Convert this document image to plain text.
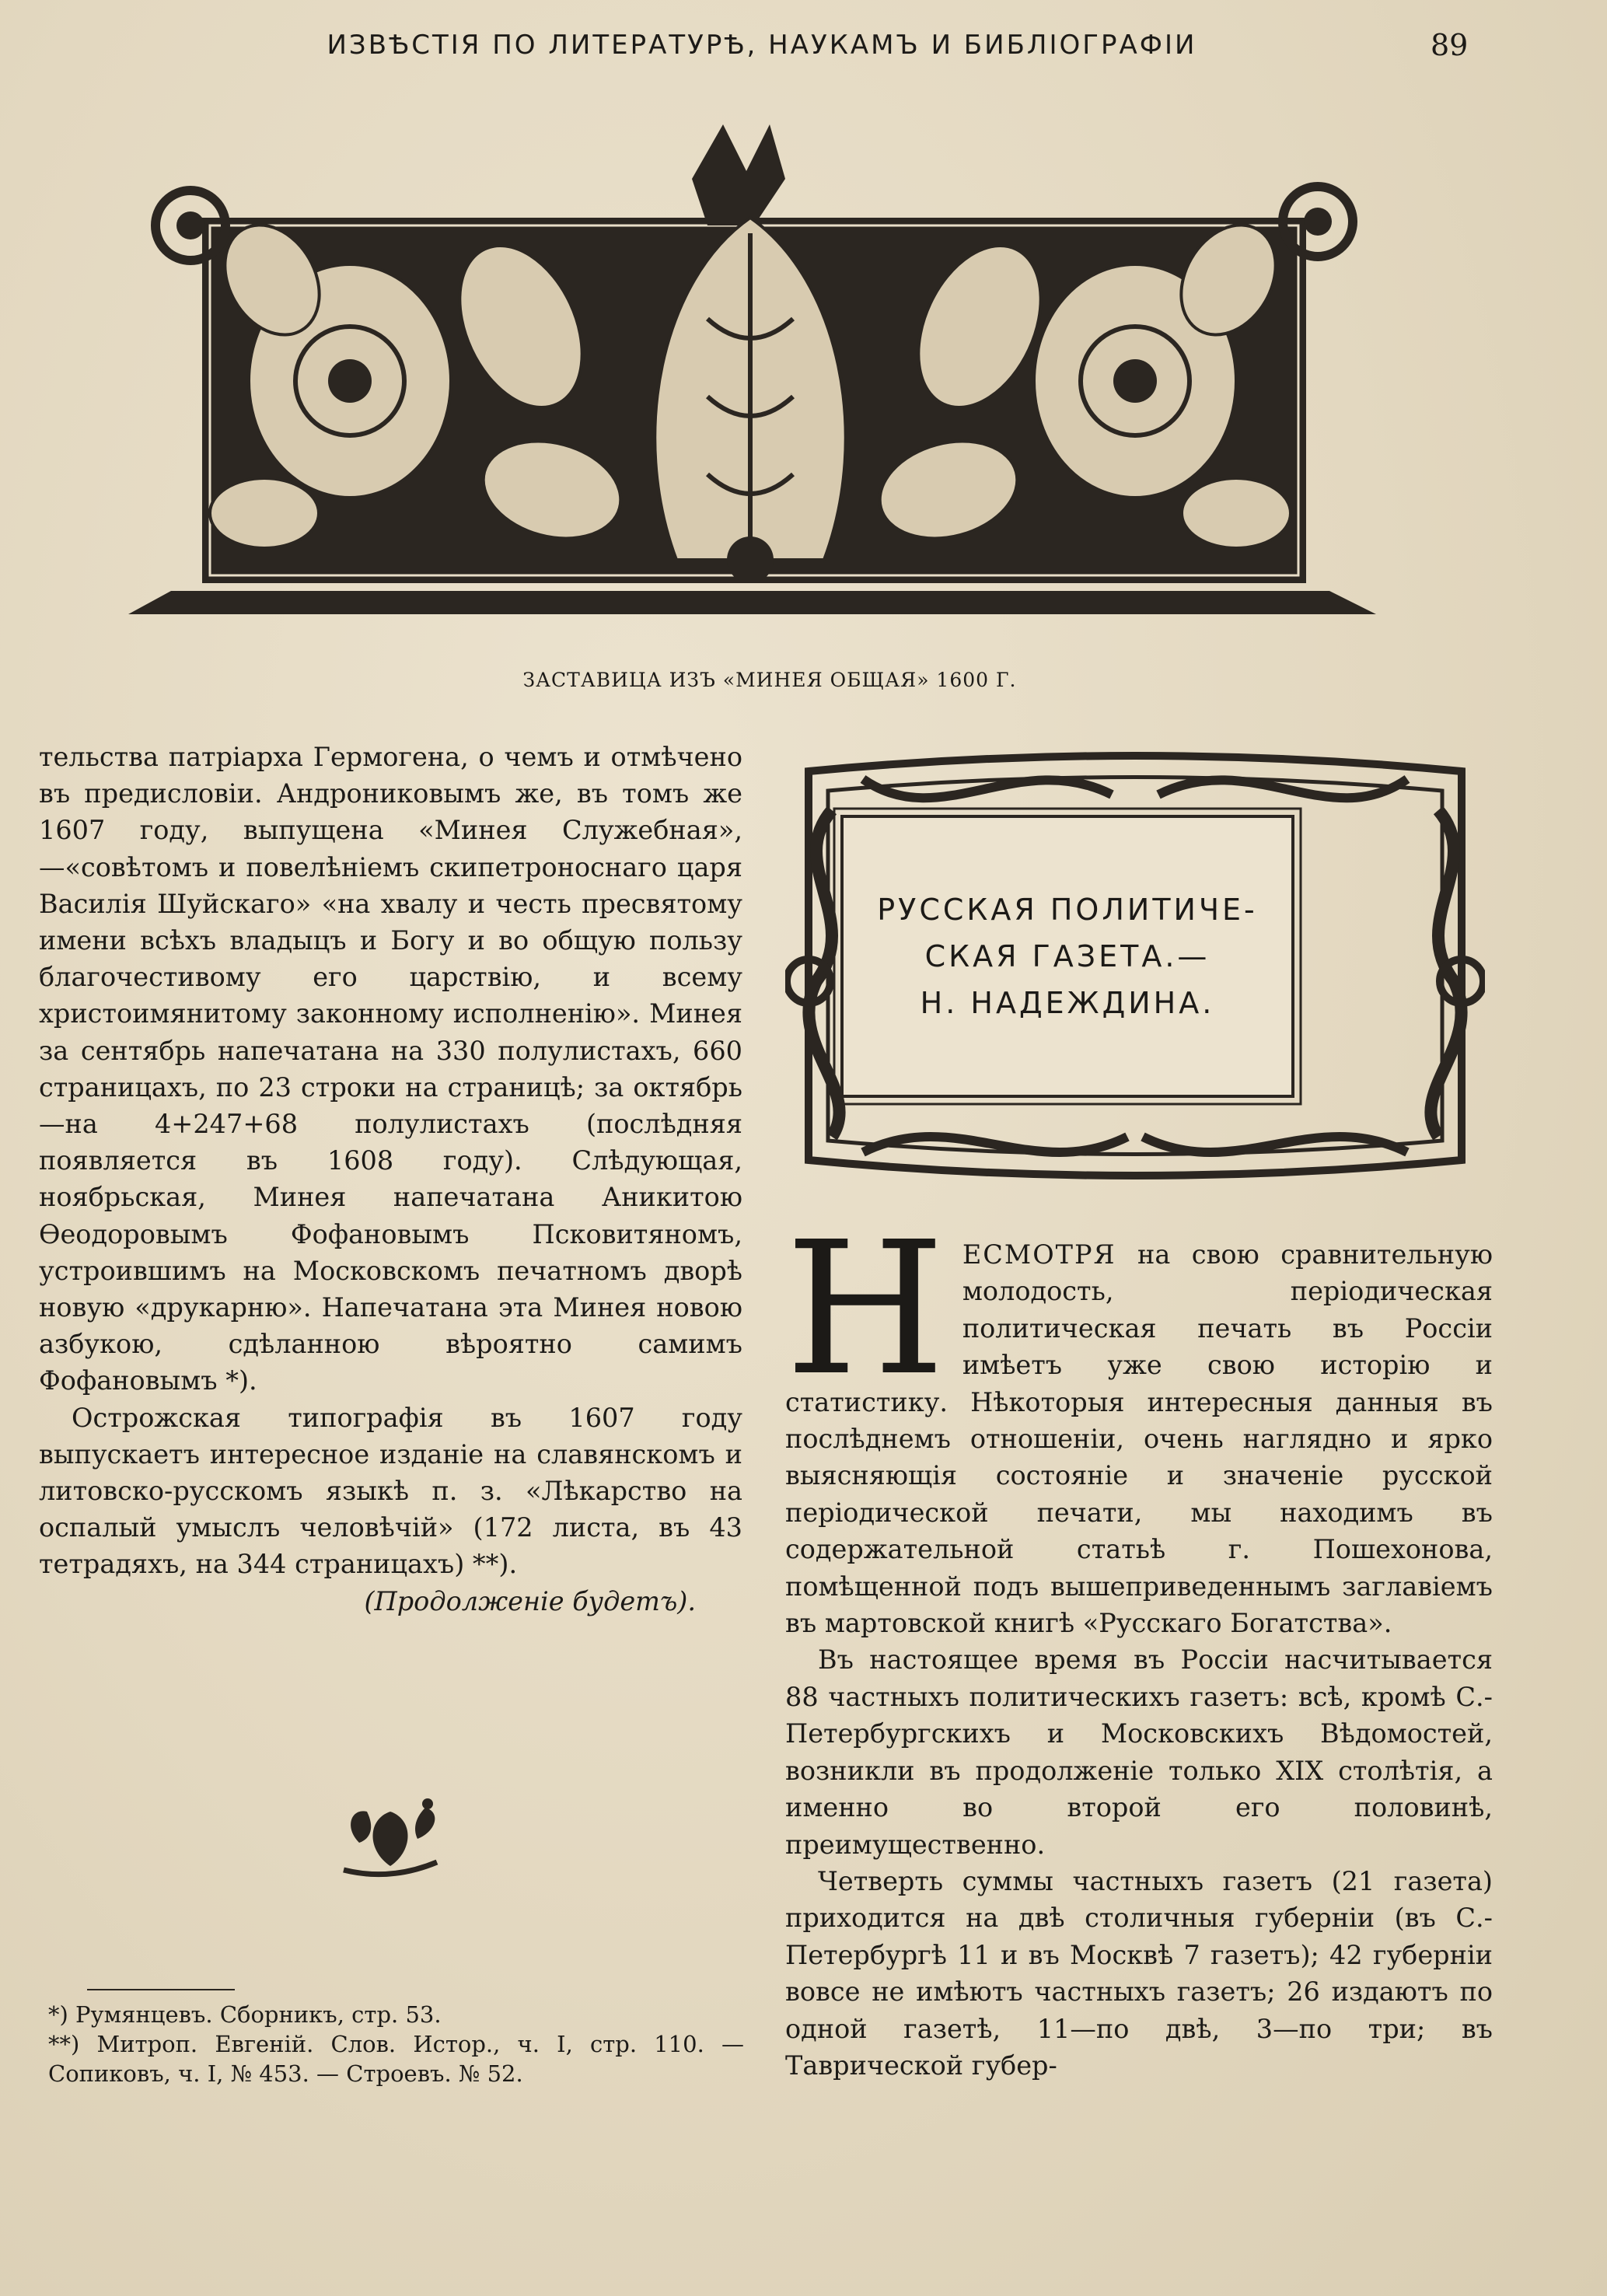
ИЗВѢСТІЯ ПО ЛИТЕРАТУРѢ, НАУКАМЪ И БИБЛІОГРАФІИ	89
ЗАСТАВИЦА ИЗЪ «МИНЕЯ ОБЩАЯ» 1600 Г.

тельства патріарха Гермогена, о чемъ и отмѣчено въ предисловіи. Андрониковымъ же, въ томъ же 1607 году, выпущена «Минея Служебная»,—«совѣтомъ и повелѣніемъ скипетроноснаго царя Василія Шуйскаго» «на хвалу и честь пресвятому имени всѣхъ владыцъ и Богу и во общую пользу благочестивому его царствію, и всему христоимянитому законному исполненію». Минея за сентябрь напечатана на 330 полулистахъ, 660 страницахъ, по 23 строки на страницѣ; за октябрь—на 4+247+68 полулистахъ (послѣдняя появляется въ 1608 году). Слѣдующая, ноябрьская, Минея напечатана Аникитою Ѳеодоровымъ Фофановымъ Псковитяномъ, устроившимъ на Московскомъ печатномъ дворѣ новую «друкарню». Напечатана эта Минея новою азбукою, сдѣланною вѣроятно самимъ Фофановымъ *).

Острожская типографія въ 1607 году выпускаетъ интересное изданіе на славянскомъ и литовско-русскомъ языкѣ п. з. «Лѣкарство на оспалый умыслъ человѣчій» (172 листа, въ 43 тетрадяхъ, на 344 страницахъ) **).

(Продолженіе будетъ).

*) Румянцевъ. Сборникъ, стр. 53.

**) Митроп. Евгеній. Слов. Истор., ч. I, стр. 110. — Сопиковъ, ч. I, № 453. — Строевъ. № 52.

РУССКАЯ ПОЛИТИЧЕ-
СКАЯ ГАЗЕТА.—
Н. НАДЕЖДИНА.

НЕСМОТРЯ на свою сравнительную молодость, періодическая политическая печать въ Россіи имѣетъ уже свою исторію и статистику. Нѣкоторыя интересныя данныя въ послѣднемъ отношеніи, очень наглядно и ярко выясняющія состояніе и значеніе русской періодической печати, мы находимъ въ содержательной статьѣ г. Пошехонова, помѣщенной подъ вышеприведеннымъ заглавіемъ въ мартовской книгѣ «Русскаго Богатства».

Въ настоящее время въ Россіи насчитывается 88 частныхъ политическихъ газетъ: всѣ, кромѣ С.-Петербургскихъ и Московскихъ Вѣдомостей, возникли въ продолженіе только XIX столѣтія, а именно во второй его половинѣ, преимущественно.

Четверть суммы частныхъ газетъ (21 газета) приходится на двѣ столичныя губерніи (въ С.-Петербургѣ 11 и въ Москвѣ 7 газетъ); 42 губерніи вовсе не имѣютъ частныхъ газетъ; 26 издаютъ по одной газетѣ, 11—по двѣ, 3—по три; въ Таврической губер-
